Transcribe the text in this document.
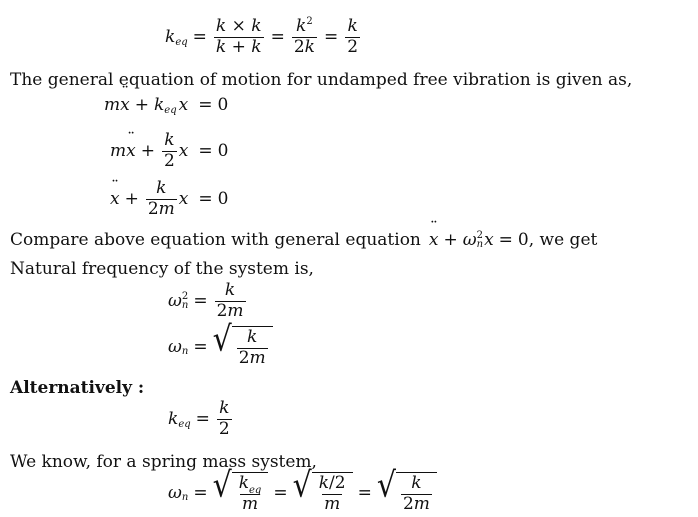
k eq = $\frac{k \times k}{k + k} = \frac{k^2}{2k} = \frac{k}{2}$
The general equation of motion for undamped free vibration is given as,
m ¨ x + k eq x = 0
m ¨ $x + \frac{k}{2}$ x = 0
¨ $x + \frac{k}{2m}$ x = 0
Compare above equation with general equation ¨ x + ω 2
n x = 0 , we get
Natural frequency of the system is,
ω 2
$n = \frac{k}{2m}$
ω n = √ $\frac{k}{2m}$
Alternatively :
k eq = $\frac{k}{2}$
We know, for a spring mass system,
ω n = √ $\frac{k_{eq}}{m}$ = √ $\frac{k/2}{m}$ = √ $\frac{k}{2m}$
